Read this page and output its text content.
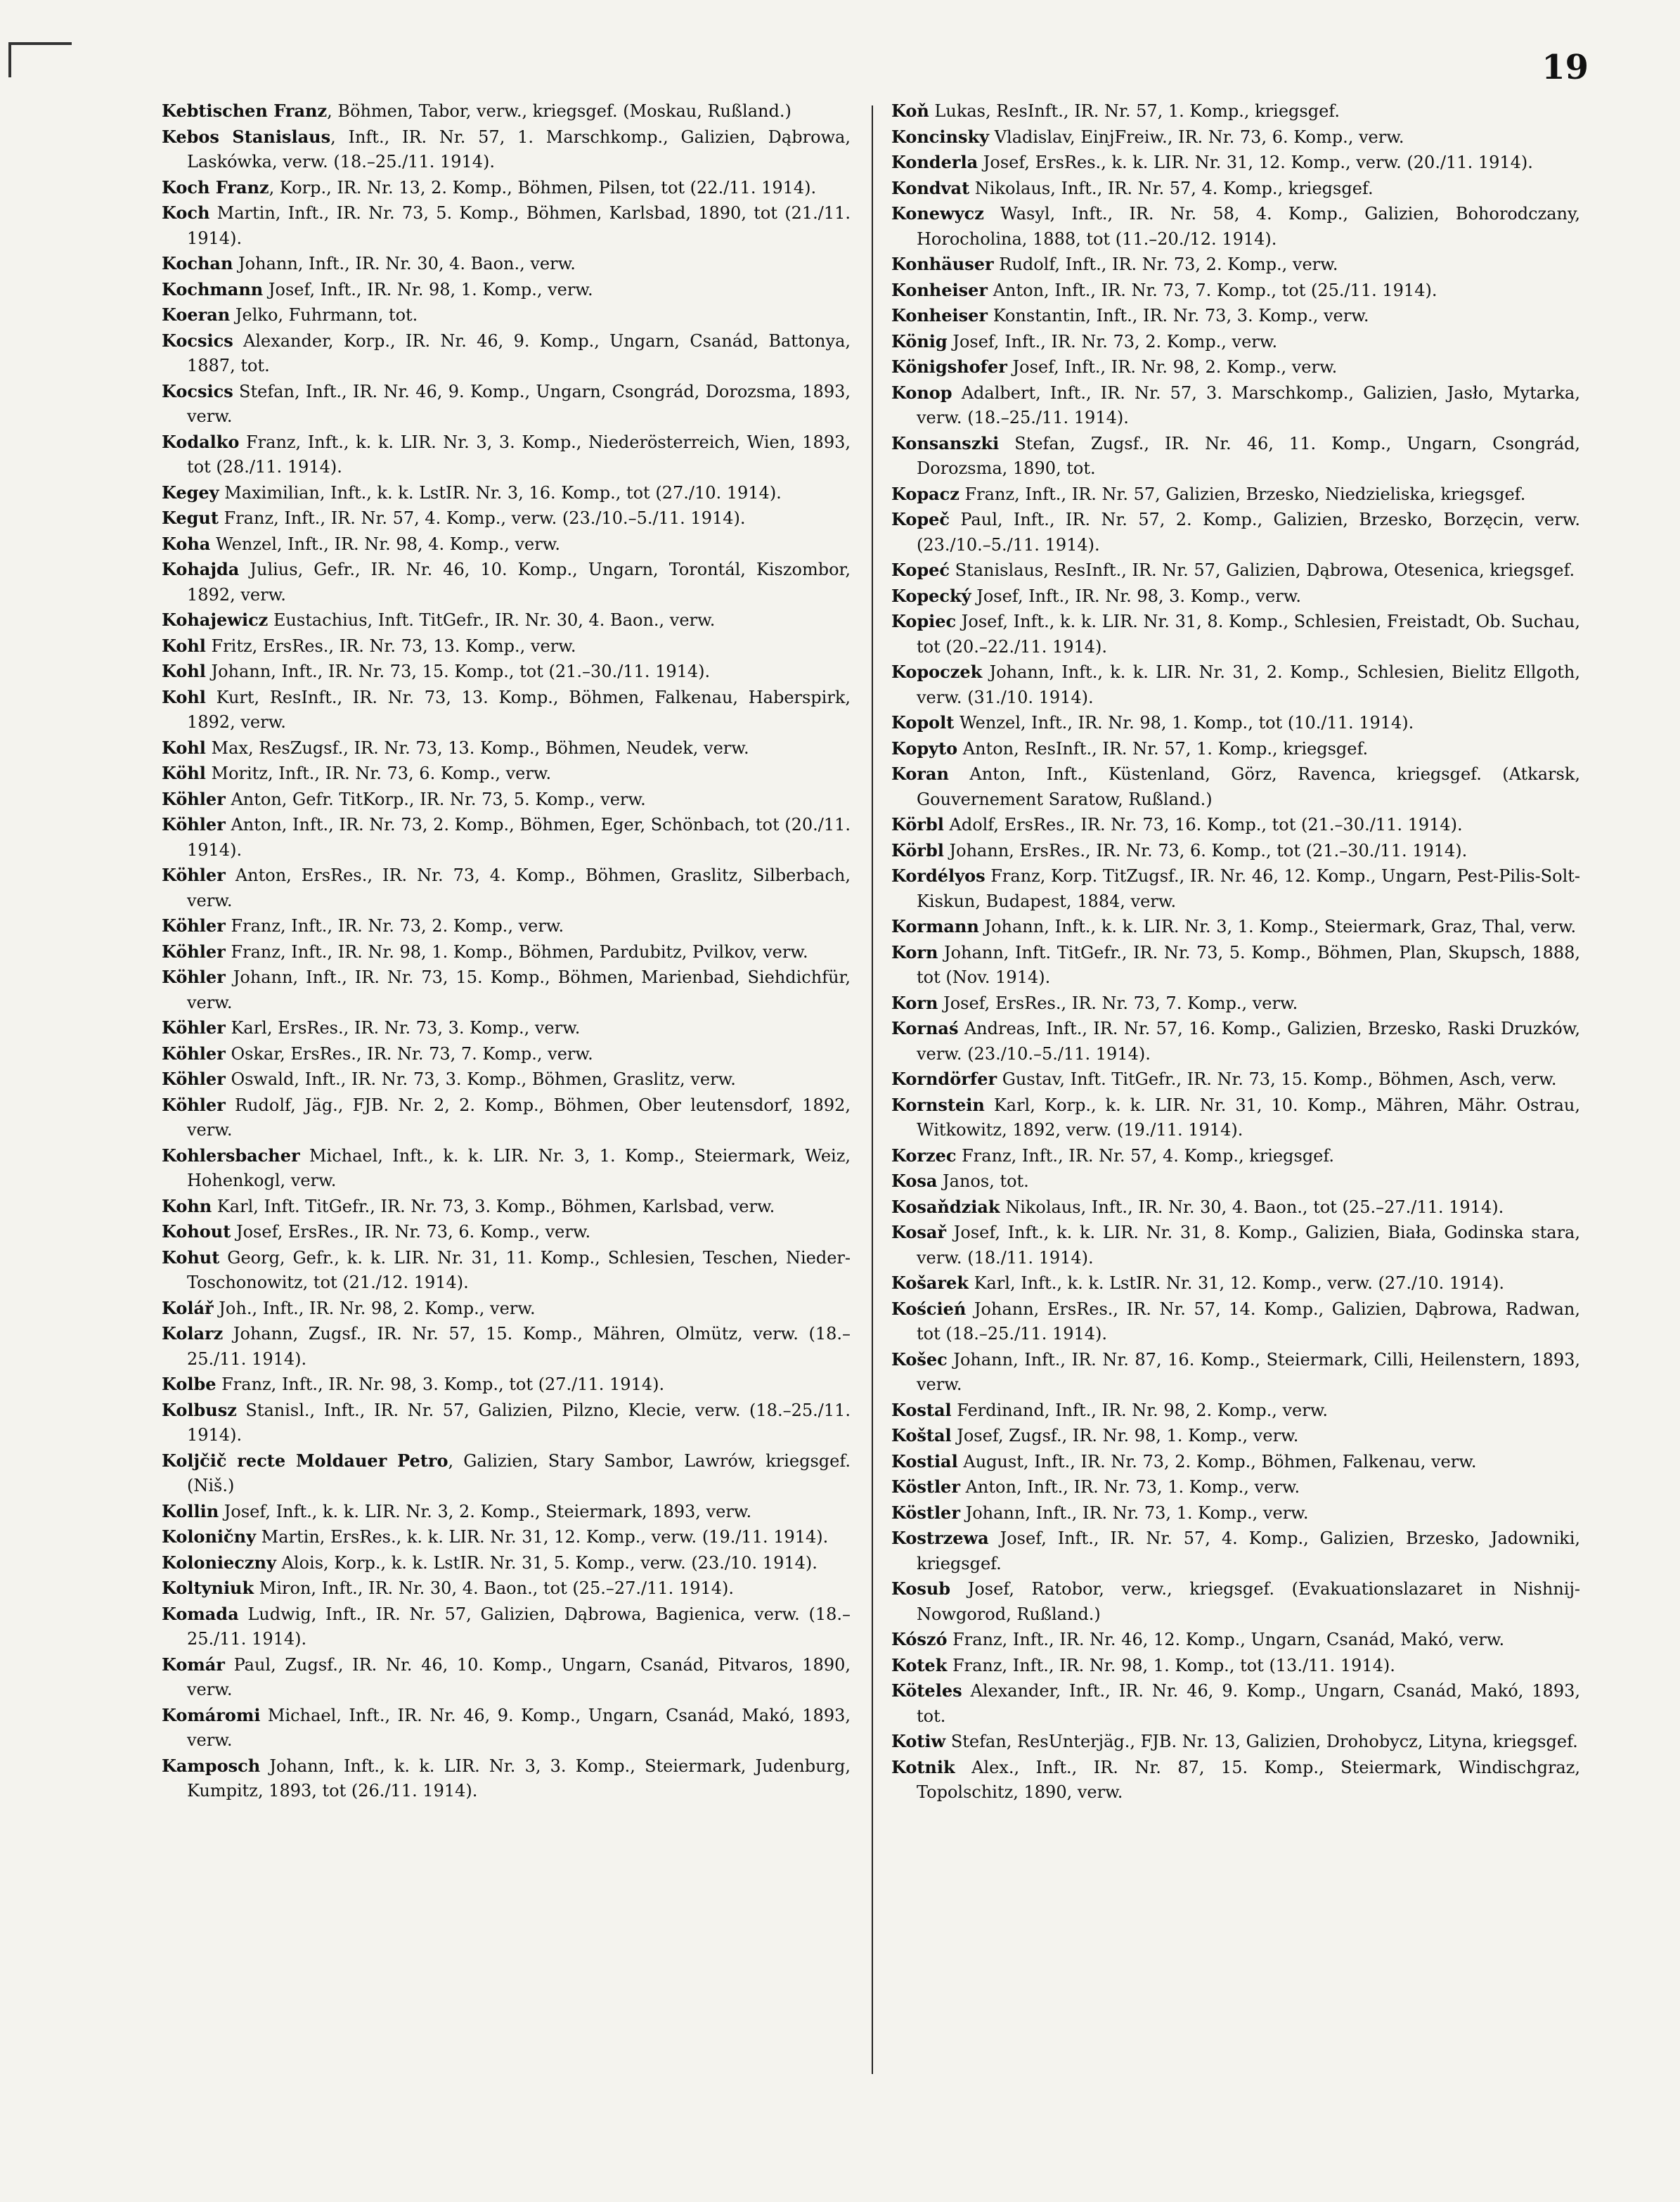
19
Kebtischen Franz, Böhmen, Tabor, verw., kriegsgef. (Moskau, Rußland.)
Kebos Stanislaus, Inft., IR. Nr. 57, 1. Marschkomp., Galizien, Dąbrowa, Laskówka, verw. (18.–25./11. 1914).
Koch Franz, Korp., IR. Nr. 13, 2. Komp., Böhmen, Pilsen, tot (22./11. 1914).
Koch Martin, Inft., IR. Nr. 73, 5. Komp., Böhmen, Karlsbad, 1890, tot (21./11. 1914).
Kochan Johann, Inft., IR. Nr. 30, 4. Baon., verw.
Kochmann Josef, Inft., IR. Nr. 98, 1. Komp., verw.
Koeran Jelko, Fuhrmann, tot.
Kocsics Alexander, Korp., IR. Nr. 46, 9. Komp., Ungarn, Csanád, Battonya, 1887, tot.
Kocsics Stefan, Inft., IR. Nr. 46, 9. Komp., Ungarn, Csongrád, Dorozsma, 1893, verw.
Kodalko Franz, Inft., k. k. LIR. Nr. 3, 3. Komp., Niederösterreich, Wien, 1893, tot (28./11. 1914).
Kegey Maximilian, Inft., k. k. LstIR. Nr. 3, 16. Komp., tot (27./10. 1914).
Kegut Franz, Inft., IR. Nr. 57, 4. Komp., verw. (23./10.–5./11. 1914).
Koha Wenzel, Inft., IR. Nr. 98, 4. Komp., verw.
Kohajda Julius, Gefr., IR. Nr. 46, 10. Komp., Ungarn, Torontál, Kiszombor, 1892, verw.
Kohajewicz Eustachius, Inft. TitGefr., IR. Nr. 30, 4. Baon., verw.
Kohl Fritz, ErsRes., IR. Nr. 73, 13. Komp., verw.
Kohl Johann, Inft., IR. Nr. 73, 15. Komp., tot (21.–30./11. 1914).
Kohl Kurt, ResInft., IR. Nr. 73, 13. Komp., Böhmen, Falkenau, Haberspirk, 1892, verw.
Kohl Max, ResZugsf., IR. Nr. 73, 13. Komp., Böhmen, Neudek, verw.
Köhl Moritz, Inft., IR. Nr. 73, 6. Komp., verw.
Köhler Anton, Gefr. TitKorp., IR. Nr. 73, 5. Komp., verw.
Köhler Anton, Inft., IR. Nr. 73, 2. Komp., Böhmen, Eger, Schönbach, tot (20./11. 1914).
Köhler Anton, ErsRes., IR. Nr. 73, 4. Komp., Böhmen, Graslitz, Silberbach, verw.
Köhler Franz, Inft., IR. Nr. 73, 2. Komp., verw.
Köhler Franz, Inft., IR. Nr. 98, 1. Komp., Böhmen, Pardubitz, Pvilkov, verw.
Köhler Johann, Inft., IR. Nr. 73, 15. Komp., Böhmen, Marienbad, Siehdichfür, verw.
Köhler Karl, ErsRes., IR. Nr. 73, 3. Komp., verw.
Köhler Oskar, ErsRes., IR. Nr. 73, 7. Komp., verw.
Köhler Oswald, Inft., IR. Nr. 73, 3. Komp., Böhmen, Graslitz, verw.
Köhler Rudolf, Jäg., FJB. Nr. 2, 2. Komp., Böhmen, Ober leutensdorf, 1892, verw.
Kohlersbacher Michael, Inft., k. k. LIR. Nr. 3, 1. Komp., Steiermark, Weiz, Hohenkogl, verw.
Kohn Karl, Inft. TitGefr., IR. Nr. 73, 3. Komp., Böhmen, Karlsbad, verw.
Kohout Josef, ErsRes., IR. Nr. 73, 6. Komp., verw.
Kohut Georg, Gefr., k. k. LIR. Nr. 31, 11. Komp., Schlesien, Teschen, Nieder-Toschonowitz, tot (21./12. 1914).
Kolář Joh., Inft., IR. Nr. 98, 2. Komp., verw.
Kolarz Johann, Zugsf., IR. Nr. 57, 15. Komp., Mähren, Olmütz, verw. (18.–25./11. 1914).
Kolbe Franz, Inft., IR. Nr. 98, 3. Komp., tot (27./11. 1914).
Kolbusz Stanisl., Inft., IR. Nr. 57, Galizien, Pilzno, Klecie, verw. (18.–25./11. 1914).
Koljčič recte Moldauer Petro, Galizien, Stary Sambor, Lawrów, kriegsgef. (Niš.)
Kollin Josef, Inft., k. k. LIR. Nr. 3, 2. Komp., Steiermark, 1893, verw.
Koloničny Martin, ErsRes., k. k. LIR. Nr. 31, 12. Komp., verw. (19./11. 1914).
Kolonieczny Alois, Korp., k. k. LstIR. Nr. 31, 5. Komp., verw. (23./10. 1914).
Koltyniuk Miron, Inft., IR. Nr. 30, 4. Baon., tot (25.–27./11. 1914).
Komada Ludwig, Inft., IR. Nr. 57, Galizien, Dąbrowa, Bagienica, verw. (18.–25./11. 1914).
Komár Paul, Zugsf., IR. Nr. 46, 10. Komp., Ungarn, Csanád, Pitvaros, 1890, verw.
Komáromi Michael, Inft., IR. Nr. 46, 9. Komp., Ungarn, Csanád, Makó, 1893, verw.
Kamposch Johann, Inft., k. k. LIR. Nr. 3, 3. Komp., Steiermark, Judenburg, Kumpitz, 1893, tot (26./11. 1914).
Koň Lukas, ResInft., IR. Nr. 57, 1. Komp., kriegsgef.
Koncinsky Vladislav, EinjFreiw., IR. Nr. 73, 6. Komp., verw.
Konderla Josef, ErsRes., k. k. LIR. Nr. 31, 12. Komp., verw. (20./11. 1914).
Kondvat Nikolaus, Inft., IR. Nr. 57, 4. Komp., kriegsgef.
Konewycz Wasyl, Inft., IR. Nr. 58, 4. Komp., Galizien, Bohorodczany, Horocholina, 1888, tot (11.–20./12. 1914).
Konhäuser Rudolf, Inft., IR. Nr. 73, 2. Komp., verw.
Konheiser Anton, Inft., IR. Nr. 73, 7. Komp., tot (25./11. 1914).
Konheiser Konstantin, Inft., IR. Nr. 73, 3. Komp., verw.
König Josef, Inft., IR. Nr. 73, 2. Komp., verw.
Königshofer Josef, Inft., IR. Nr. 98, 2. Komp., verw.
Konop Adalbert, Inft., IR. Nr. 57, 3. Marschkomp., Galizien, Jasło, Mytarka, verw. (18.–25./11. 1914).
Konsanszki Stefan, Zugsf., IR. Nr. 46, 11. Komp., Ungarn, Csongrád, Dorozsma, 1890, tot.
Kopacz Franz, Inft., IR. Nr. 57, Galizien, Brzesko, Niedzieliska, kriegsgef.
Kopeč Paul, Inft., IR. Nr. 57, 2. Komp., Galizien, Brzesko, Borzęcin, verw. (23./10.–5./11. 1914).
Kopeć Stanislaus, ResInft., IR. Nr. 57, Galizien, Dąbrowa, Otesenica, kriegsgef.
Kopecký Josef, Inft., IR. Nr. 98, 3. Komp., verw.
Kopiec Josef, Inft., k. k. LIR. Nr. 31, 8. Komp., Schlesien, Freistadt, Ob. Suchau, tot (20.–22./11. 1914).
Kopoczek Johann, Inft., k. k. LIR. Nr. 31, 2. Komp., Schlesien, Bielitz Ellgoth, verw. (31./10. 1914).
Kopolt Wenzel, Inft., IR. Nr. 98, 1. Komp., tot (10./11. 1914).
Kopyto Anton, ResInft., IR. Nr. 57, 1. Komp., kriegsgef.
Koran Anton, Inft., Küstenland, Görz, Ravenca, kriegsgef. (Atkarsk, Gouvernement Saratow, Rußland.)
Körbl Adolf, ErsRes., IR. Nr. 73, 16. Komp., tot (21.–30./11. 1914).
Körbl Johann, ErsRes., IR. Nr. 73, 6. Komp., tot (21.–30./11. 1914).
Kordélyos Franz, Korp. TitZugsf., IR. Nr. 46, 12. Komp., Ungarn, Pest-Pilis-Solt-Kiskun, Budapest, 1884, verw.
Kormann Johann, Inft., k. k. LIR. Nr. 3, 1. Komp., Steiermark, Graz, Thal, verw.
Korn Johann, Inft. TitGefr., IR. Nr. 73, 5. Komp., Böhmen, Plan, Skupsch, 1888, tot (Nov. 1914).
Korn Josef, ErsRes., IR. Nr. 73, 7. Komp., verw.
Kornaś Andreas, Inft., IR. Nr. 57, 16. Komp., Galizien, Brzesko, Raski Druzków, verw. (23./10.–5./11. 1914).
Korndörfer Gustav, Inft. TitGefr., IR. Nr. 73, 15. Komp., Böhmen, Asch, verw.
Kornstein Karl, Korp., k. k. LIR. Nr. 31, 10. Komp., Mähren, Mähr. Ostrau, Witkowitz, 1892, verw. (19./11. 1914).
Korzec Franz, Inft., IR. Nr. 57, 4. Komp., kriegsgef.
Kosa Janos, tot.
Kosaňdziak Nikolaus, Inft., IR. Nr. 30, 4. Baon., tot (25.–27./11. 1914).
Kosař Josef, Inft., k. k. LIR. Nr. 31, 8. Komp., Galizien, Biała, Godinska stara, verw. (18./11. 1914).
Košarek Karl, Inft., k. k. LstIR. Nr. 31, 12. Komp., verw. (27./10. 1914).
Koścień Johann, ErsRes., IR. Nr. 57, 14. Komp., Galizien, Dąbrowa, Radwan, tot (18.–25./11. 1914).
Košec Johann, Inft., IR. Nr. 87, 16. Komp., Steiermark, Cilli, Heilenstern, 1893, verw.
Kostal Ferdinand, Inft., IR. Nr. 98, 2. Komp., verw.
Koštal Josef, Zugsf., IR. Nr. 98, 1. Komp., verw.
Kostial August, Inft., IR. Nr. 73, 2. Komp., Böhmen, Falkenau, verw.
Köstler Anton, Inft., IR. Nr. 73, 1. Komp., verw.
Köstler Johann, Inft., IR. Nr. 73, 1. Komp., verw.
Kostrzewa Josef, Inft., IR. Nr. 57, 4. Komp., Galizien, Brzesko, Jadowniki, kriegsgef.
Kosub Josef, Ratobor, verw., kriegsgef. (Evakuationslazaret in Nishnij-Nowgorod, Rußland.)
Kószó Franz, Inft., IR. Nr. 46, 12. Komp., Ungarn, Csanád, Makó, verw.
Kotek Franz, Inft., IR. Nr. 98, 1. Komp., tot (13./11. 1914).
Köteles Alexander, Inft., IR. Nr. 46, 9. Komp., Ungarn, Csanád, Makó, 1893, tot.
Kotiw Stefan, ResUnterjäg., FJB. Nr. 13, Galizien, Drohobycz, Lityna, kriegsgef.
Kotnik Alex., Inft., IR. Nr. 87, 15. Komp., Steiermark, Windischgraz, Topolschitz, 1890, verw.
